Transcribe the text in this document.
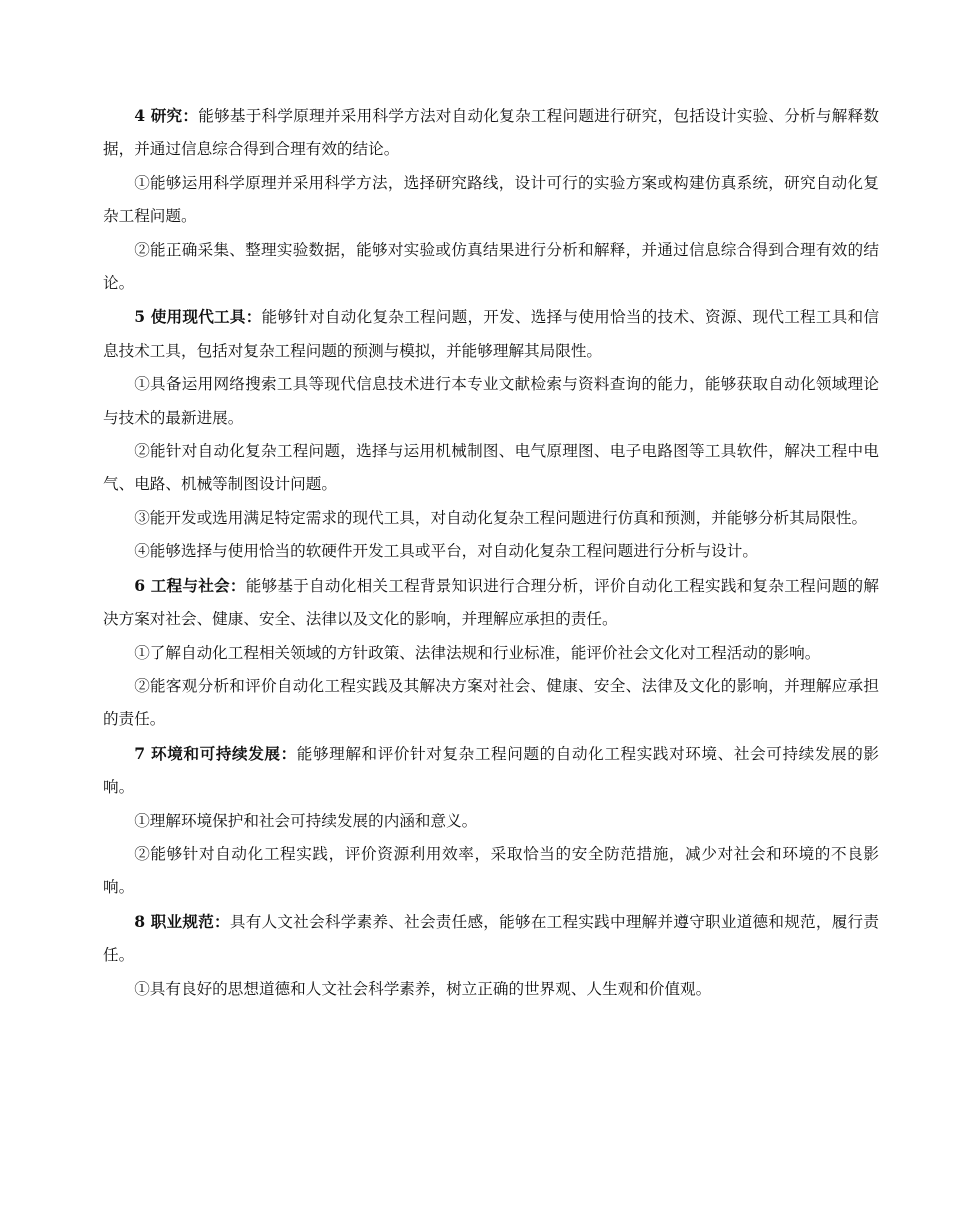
4 研究：能够基于科学原理并采用科学方法对自动化复杂工程问题进行研究，包括设计实验、分析与解释数据，并通过信息综合得到合理有效的结论。

①能够运用科学原理并采用科学方法，选择研究路线，设计可行的实验方案或构建仿真系统，研究自动化复杂工程问题。

②能正确采集、整理实验数据，能够对实验或仿真结果进行分析和解释，并通过信息综合得到合理有效的结论。

5 使用现代工具：能够针对自动化复杂工程问题，开发、选择与使用恰当的技术、资源、现代工程工具和信息技术工具，包括对复杂工程问题的预测与模拟，并能够理解其局限性。

①具备运用网络搜索工具等现代信息技术进行本专业文献检索与资料查询的能力，能够获取自动化领域理论与技术的最新进展。

②能针对自动化复杂工程问题，选择与运用机械制图、电气原理图、电子电路图等工具软件，解决工程中电气、电路、机械等制图设计问题。

③能开发或选用满足特定需求的现代工具，对自动化复杂工程问题进行仿真和预测，并能够分析其局限性。

④能够选择与使用恰当的软硬件开发工具或平台，对自动化复杂工程问题进行分析与设计。

6 工程与社会：能够基于自动化相关工程背景知识进行合理分析，评价自动化工程实践和复杂工程问题的解决方案对社会、健康、安全、法律以及文化的影响，并理解应承担的责任。

①了解自动化工程相关领域的方针政策、法律法规和行业标准，能评价社会文化对工程活动的影响。

②能客观分析和评价自动化工程实践及其解决方案对社会、健康、安全、法律及文化的影响，并理解应承担的责任。

7 环境和可持续发展：能够理解和评价针对复杂工程问题的自动化工程实践对环境、社会可持续发展的影响。

①理解环境保护和社会可持续发展的内涵和意义。

②能够针对自动化工程实践，评价资源利用效率，采取恰当的安全防范措施，减少对社会和环境的不良影响。

8 职业规范：具有人文社会科学素养、社会责任感，能够在工程实践中理解并遵守职业道德和规范，履行责任。

①具有良好的思想道德和人文社会科学素养，树立正确的世界观、人生观和价值观。
